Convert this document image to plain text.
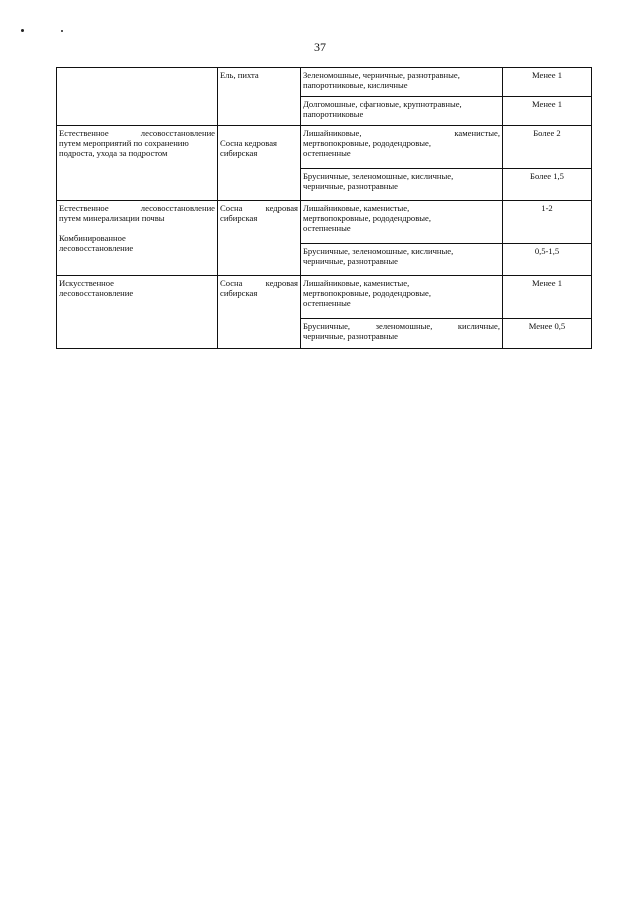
37
	Ель, пихта	Зеленомошные, черничные, разнотравные,
папоротниковые, кисличные	Менее 1

		Долгомошные, сфагновые, крупнотравные,
папоротниковые	Менее 1

Естественное лесовосстановление
путем мероприятий по сохранению
подроста, ухода за подростом	Сосна кедровая
сибирская	Лишайниковые, каменистые,
мертвопокровные, рододендровые,
остепненные	Более 2

		Брусничные, зеленомошные, кисличные,
черничные, разнотравные	Более 1,5

Естественное лесовосстановление
путем минерализации почвы
Комбинированное
лесовосстановление	Сосна кедровая
сибирская	Лишайниковые, каменистые,
мертвопокровные, рододендровые,
остепненные	1-2

		Брусничные, зеленомошные, кисличные,
черничные, разнотравные	0,5-1,5

Искусственное
лесовосстановление	Сосна кедровая
сибирская	Лишайниковые, каменистые,
мертвопокровные, рододендровые,
остепненные	Менее 1

		Брусничные, зеленомошные, кисличные,
черничные, разнотравные	Менее 0,5
